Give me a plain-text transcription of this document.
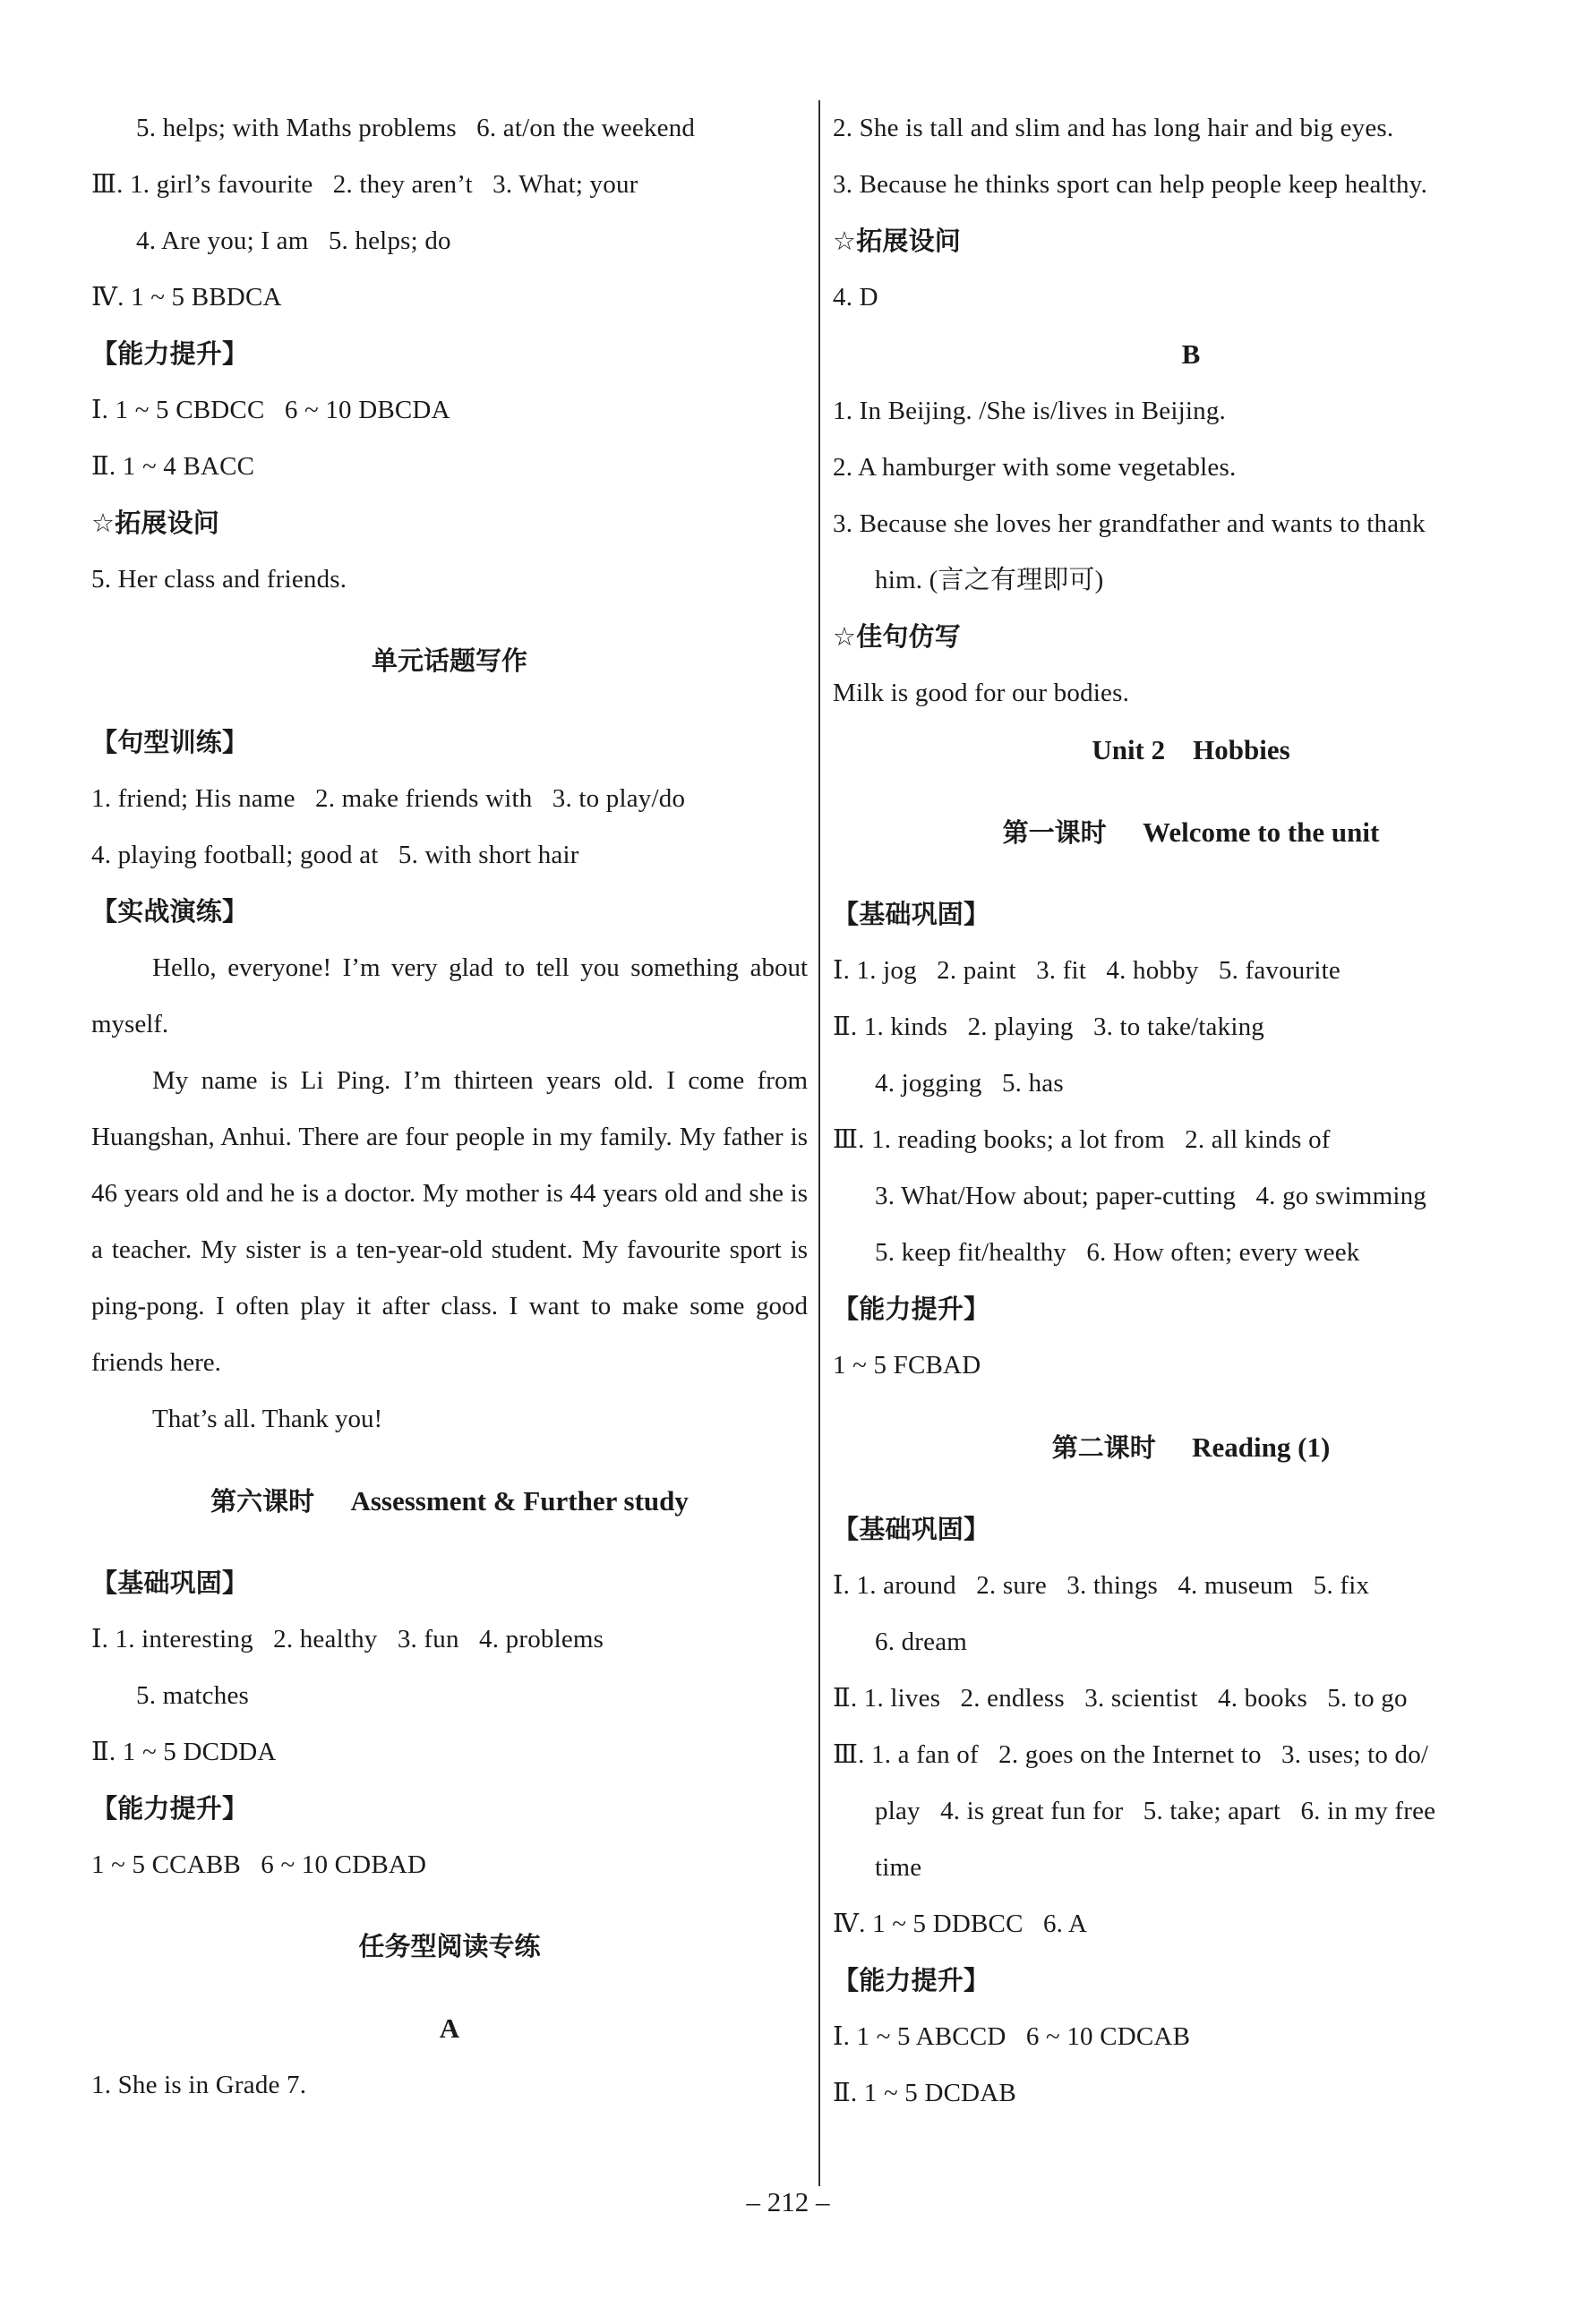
5. helps; with Maths problems   6. at/on the weekend
Ⅲ. 1. girl’s favourite   2. they aren’t   3. What; your
4. Are you; I am   5. helps; do
Ⅳ. 1 ~ 5 BBDCA
【能力提升】
Ⅰ. 1 ~ 5 CBDCC   6 ~ 10 DBCDA
Ⅱ. 1 ~ 4 BACC
☆拓展设问
5. Her class and friends.
单元话题写作
【句型训练】
1. friend; His name   2. make friends with   3. to play/do
4. playing football; good at   5. with short hair
【实战演练】
Hello, everyone! I’m very glad to tell you something about myself.
My name is Li Ping. I’m thirteen years old. I come from Huangshan, Anhui. There are four people in my family. My father is 46 years old and he is a doctor. My mother is 44 years old and she is a teacher. My sister is a ten-year-old student. My favourite sport is ping-pong. I often play it after class. I want to make some good friends here.
That’s all. Thank you!
第六课时 Assessment & Further study
【基础巩固】
Ⅰ. 1. interesting   2. healthy   3. fun   4. problems
5. matches
Ⅱ. 1 ~ 5 DCDDA
【能力提升】
1 ~ 5 CCABB   6 ~ 10 CDBAD
任务型阅读专练
A
1. She is in Grade 7.
2. She is tall and slim and has long hair and big eyes.
3. Because he thinks sport can help people keep healthy.
☆拓展设问
4. D
B
1. In Beijing. /She is/lives in Beijing.
2. A hamburger with some vegetables.
3. Because she loves her grandfather and wants to thank
him. (言之有理即可)
☆佳句仿写
Milk is good for our bodies.
Unit 2    Hobbies
第一课时 Welcome to the unit
【基础巩固】
Ⅰ. 1. jog   2. paint   3. fit   4. hobby   5. favourite
Ⅱ. 1. kinds   2. playing   3. to take/taking
4. jogging   5. has
Ⅲ. 1. reading books; a lot from   2. all kinds of
3. What/How about; paper-cutting   4. go swimming
5. keep fit/healthy   6. How often; every week
【能力提升】
1 ~ 5 FCBAD
第二课时 Reading (1)
【基础巩固】
Ⅰ. 1. around   2. sure   3. things   4. museum   5. fix
6. dream
Ⅱ. 1. lives   2. endless   3. scientist   4. books   5. to go
Ⅲ. 1. a fan of   2. goes on the Internet to   3. uses; to do/
play   4. is great fun for   5. take; apart   6. in my free
time
Ⅳ. 1 ~ 5 DDBCC   6. A
【能力提升】
Ⅰ. 1 ~ 5 ABCCD   6 ~ 10 CDCAB
Ⅱ. 1 ~ 5 DCDAB
– 212 –
